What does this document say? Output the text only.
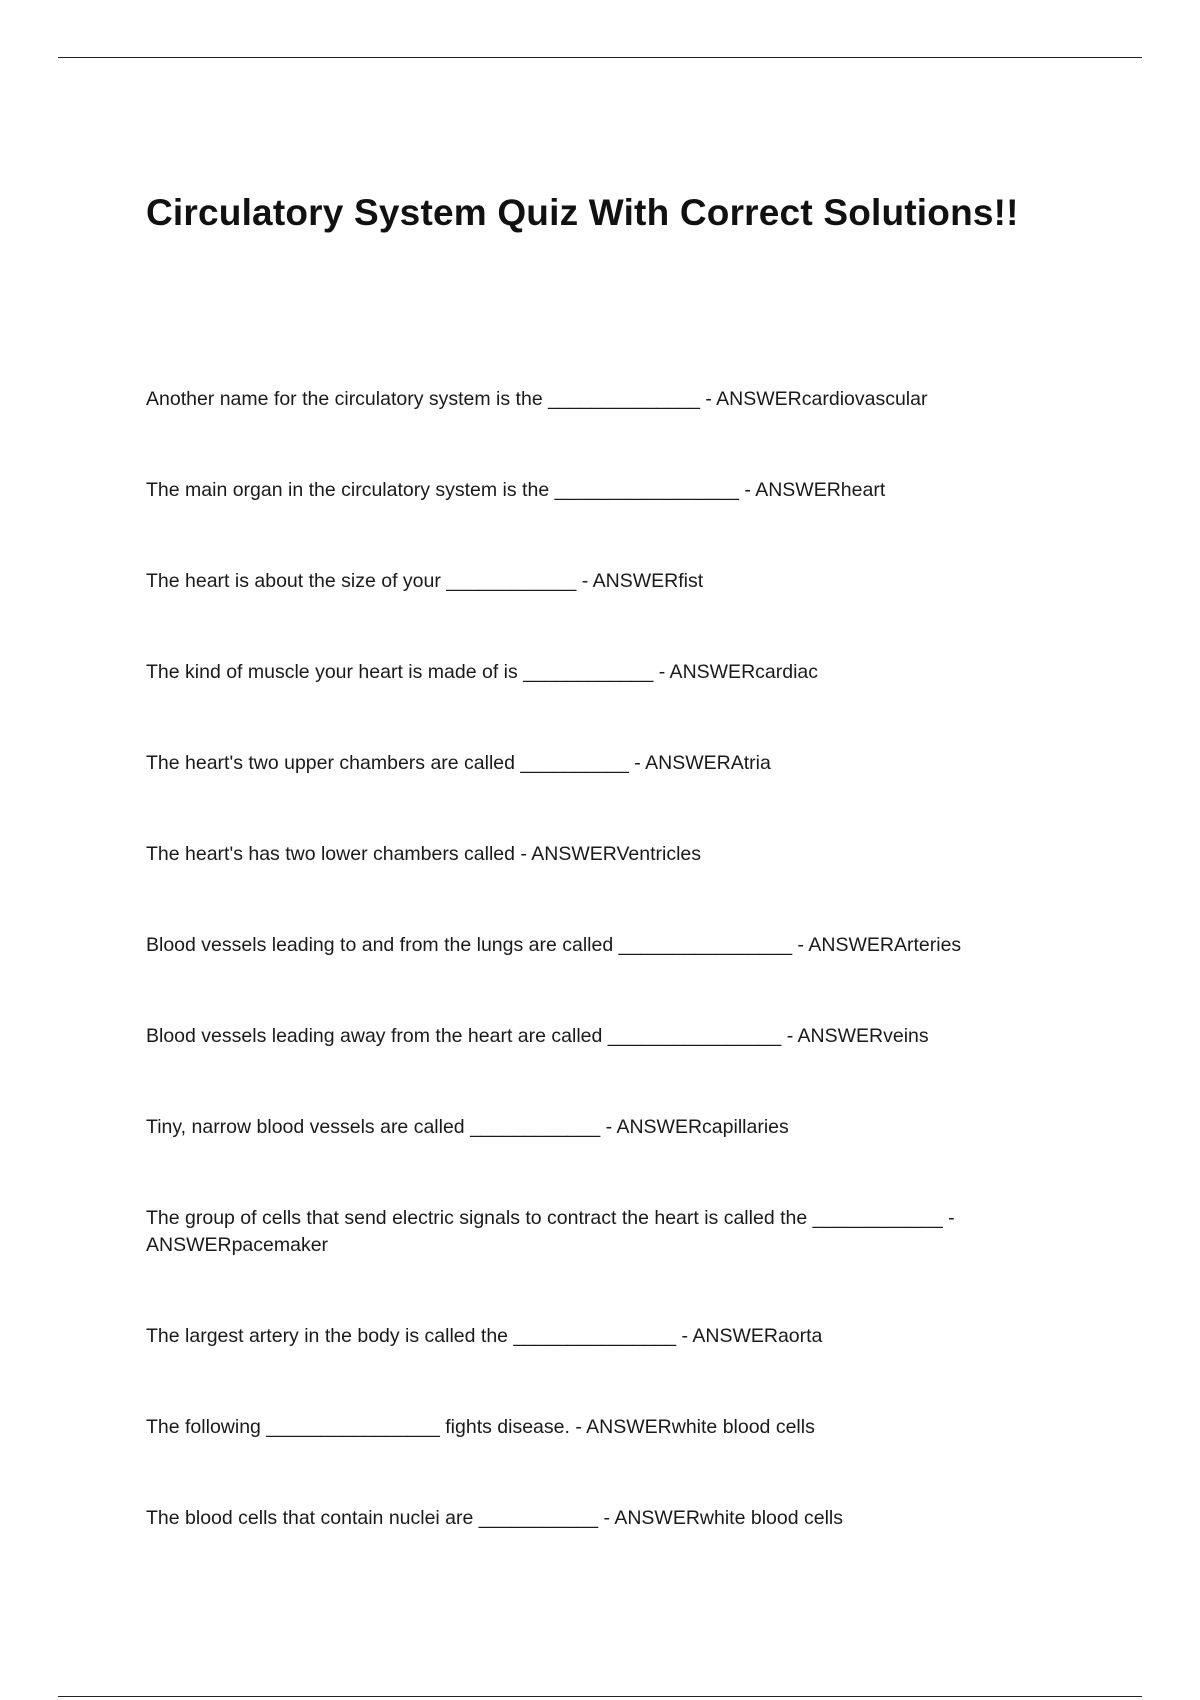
Circulatory System Quiz With Correct Solutions!!
Another name for the circulatory system is the ______________ - ANSWERcardiovascular
The main organ in the circulatory system is the _________________ - ANSWERheart
The heart is about the size of your ____________ - ANSWERfist
The kind of muscle your heart is made of is ____________ - ANSWERcardiac
The heart's two upper chambers are called __________ - ANSWERAtria
The heart's has two lower chambers called - ANSWERVentricles
Blood vessels leading to and from the lungs are called ________________ - ANSWERArteries
Blood vessels leading away from the heart are called ________________ - ANSWERveins
Tiny, narrow blood vessels are called ____________ - ANSWERcapillaries
The group of cells that send electric signals to contract the heart is called the ____________ - ANSWERpacemaker
The largest artery in the body is called the _______________ - ANSWERaorta
The following ________________ fights disease. - ANSWERwhite blood cells
The blood cells that contain nuclei are ___________ - ANSWERwhite blood cells
